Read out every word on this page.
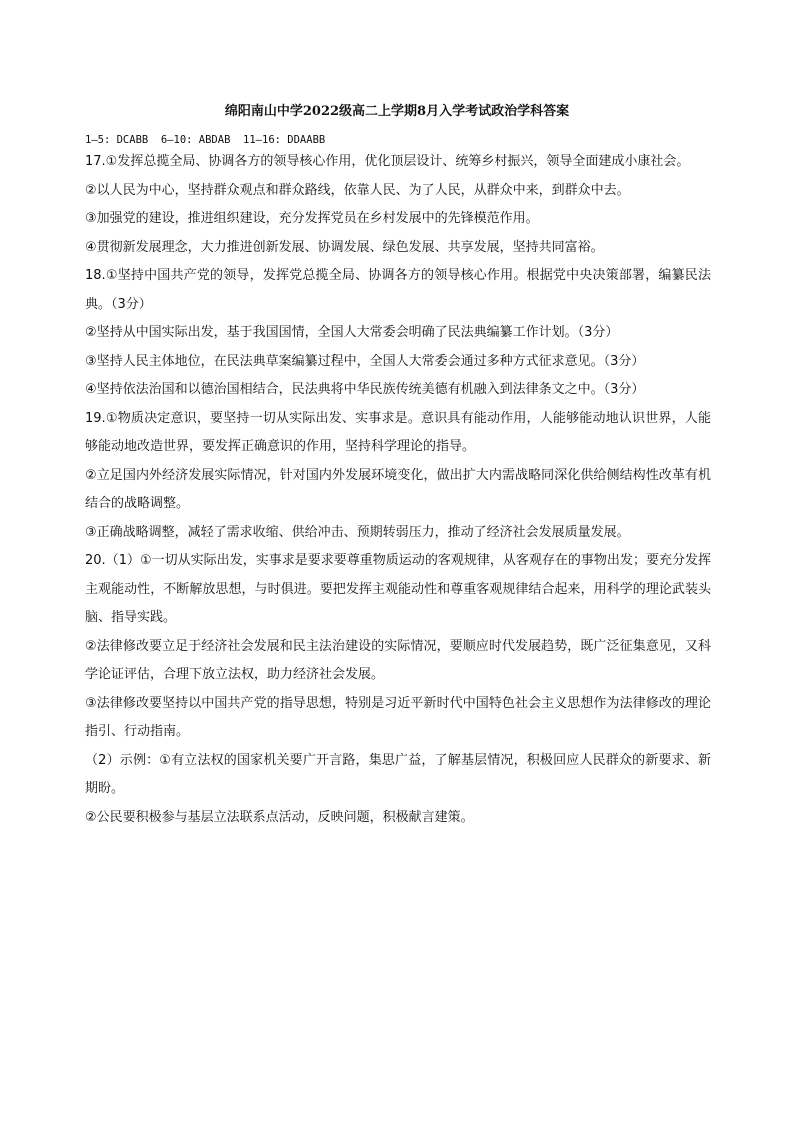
绵阳南山中学2022级高二上学期8月入学考试政治学科答案
1—5: DCABB  6—10: ABDAB  11—16: DDAABB

17.①发挥总揽全局、协调各方的领导核心作用，优化顶层设计、统筹乡村振兴，领导全面建成小康社会。

②以人民为中心，坚持群众观点和群众路线，依靠人民、为了人民，从群众中来，到群众中去。

③加强党的建设，推进组织建设，充分发挥党员在乡村发展中的先锋模范作用。

④贯彻新发展理念，大力推进创新发展、协调发展、绿色发展、共享发展，坚持共同富裕。

18.①坚持中国共产党的领导，发挥党总揽全局、协调各方的领导核心作用。根据党中央决策部署，编纂民法典。（3分）

②坚持从中国实际出发，基于我国国情，全国人大常委会明确了民法典编纂工作计划。（3分）

③坚持人民主体地位，在民法典草案编纂过程中，全国人大常委会通过多种方式征求意见。（3分）

④坚持依法治国和以德治国相结合，民法典将中华民族传统美德有机融入到法律条文之中。（3分）

19.①物质决定意识，要坚持一切从实际出发、实事求是。意识具有能动作用，人能够能动地认识世界，人能够能动地改造世界，要发挥正确意识的作用，坚持科学理论的指导。

②立足国内外经济发展实际情况，针对国内外发展环境变化，做出扩大内需战略同深化供给侧结构性改革有机结合的战略调整。

③正确战略调整，减轻了需求收缩、供给冲击、预期转弱压力，推动了经济社会发展质量发展。

20.（1）①一切从实际出发，实事求是要求要尊重物质运动的客观规律，从客观存在的事物出发；要充分发挥主观能动性，不断解放思想，与时俱进。要把发挥主观能动性和尊重客观规律结合起来，用科学的理论武装头脑、指导实践。

②法律修改要立足于经济社会发展和民主法治建设的实际情况，要顺应时代发展趋势，既广泛征集意见，又科学论证评估，合理下放立法权，助力经济社会发展。

③法律修改要坚持以中国共产党的指导思想，特别是习近平新时代中国特色社会主义思想作为法律修改的理论指引、行动指南。

（2）示例：①有立法权的国家机关要广开言路，集思广益，了解基层情况，积极回应人民群众的新要求、新期盼。

②公民要积极参与基层立法联系点活动，反映问题，积极献言建策。
